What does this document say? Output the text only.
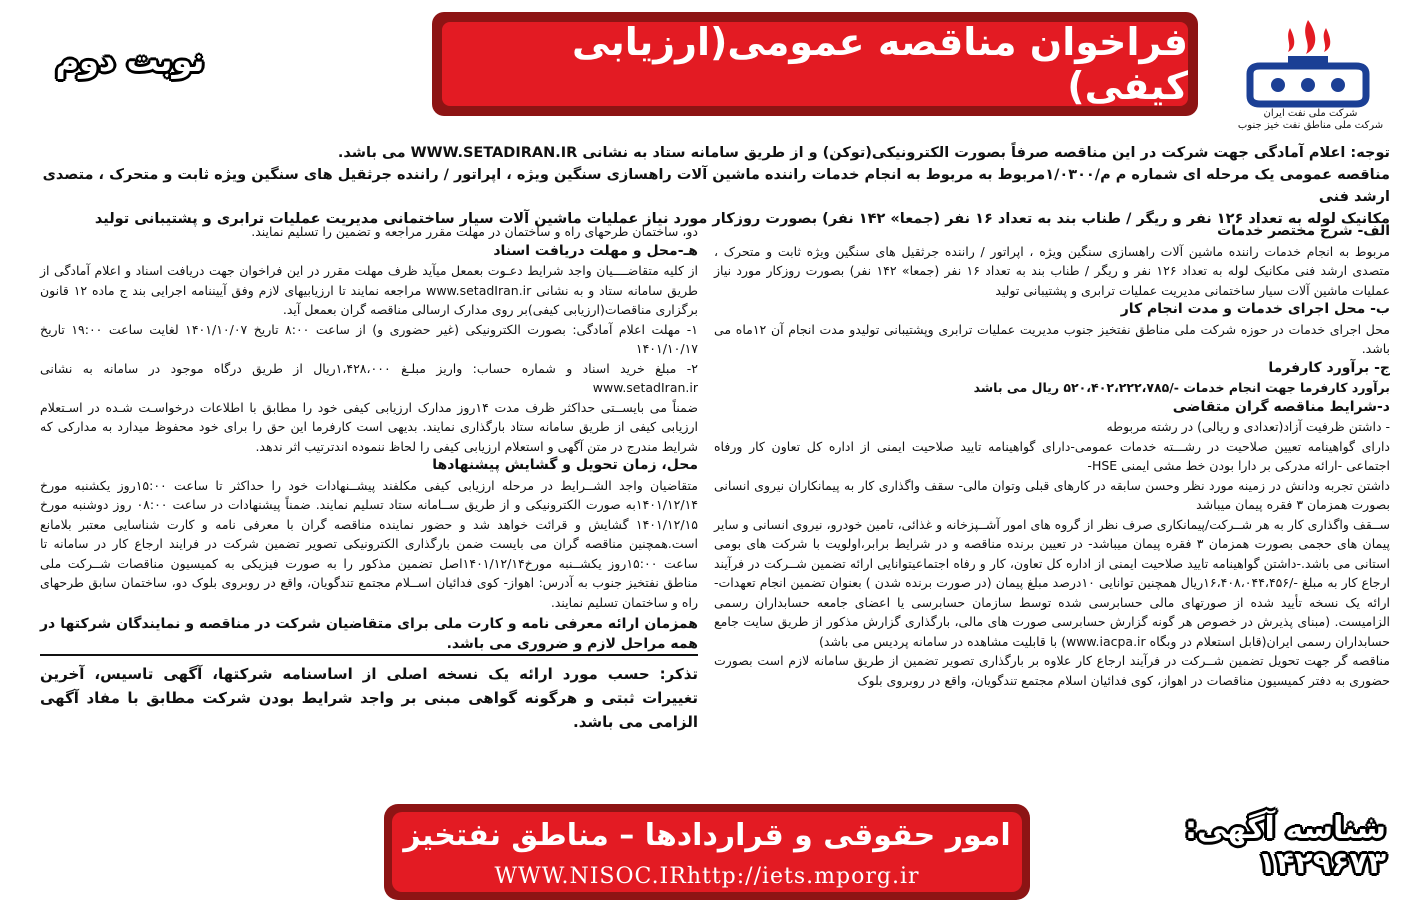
شرکت ملی نفت ایران
شرکت ملی مناطق نفت خیز جنوب
فراخوان مناقصه عمومی(ارزیابی کیفی)
نوبت دوم

توجه: اعلام آمادگی جهت شرکت در این مناقصه صرفاً بصورت الکترونیکی(توکن) و از طریق سامانه ستاد به نشانی WWW.SETADIRAN.IR می باشد.

مناقصه عمومی یک مرحله ای شماره م م/۱/۰۳۰۰مربوط به مربوط به انجام خدمات راننده ماشین آلات راهسازی سنگین ویژه ، اپراتور / راننده جرثقیل های سنگین ویژه ثابت و متحرک ، متصدی ارشد فنی

مکانیک لوله به تعداد ۱۲۶ نفر و ریگر / طناب بند به تعداد ۱۶ نفر (جمعا» ۱۴۲ نفر) بصورت روزکار مورد نیاز عملیات ماشین آلات سیار ساختمانی مدیریت عملیات ترابری و پشتیبانی تولید

الف- شرح مختصر خدمات

مربوط به انجام خدمات راننده ماشین آلات راهسازی سنگین ویژه ، اپراتور / راننده جرثقیل های سنگین ویژه ثابت و متحرک ، متصدی ارشد فنی مکانیک لوله به تعداد ۱۲۶ نفر و ریگر / طناب بند به تعداد ۱۶ نفر (جمعا» ۱۴۲ نفر) بصورت روزکار مورد نیاز عملیات ماشین آلات سیار ساختمانی مدیریت عملیات ترابری و پشتیبانی تولید

ب- محل اجرای خدمات و مدت انجام کار

محل اجرای خدمات در حوزه شرکت ملی مناطق نفتخیز جنوب مدیریت عملیات ترابری وپشتیبانی تولیدو مدت انجام آن ۱۲ماه می باشد.

ج- برآورد کارفرما

برآورد کارفرما جهت انجام خدمات -/۵۲۰،۴۰۲،۲۲۲،۷۸۵ ریال می باشد

د-شرایط مناقصه گران متقاضی

- داشتن ظرفیت آزاد(تعدادی و ریالی) در رشته مربوطه

دارای گواهینامه تعیین صلاحیت در رشـــته خدمات عمومی-دارای گواهینامه تایید صلاحیت ایمنی از اداره کل تعاون کار ورفاه اجتماعی -ارائه مدرکی بر دارا بودن خط مشی ایمنی HSE-

داشتن تجربه ودانش در زمینه مورد نظر وحسن سابقه در کارهای قبلی وتوان مالی- سقف واگذاری کار به پیمانکاران نیروی انسانی بصورت همزمان ۳ فقره پیمان میباشد

ســقف واگذاری کار به هر شــرکت/پیمانکاری صرف نظر از گروه های امور آشــپزخانه و غذائی، تامین خودرو، نیروی انسانی و سایر پیمان های حجمی بصورت همزمان ۳ فقره پیمان میباشد- در تعیین برنده مناقصه و در شرایط برابر،اولویت با شرکت های بومی استانی می باشد.-داشتن گواهینامه تایید صلاحیت ایمنی از اداره کل تعاون، کار و رفاه اجتماعیتوانایی ارائه تضمین شــرکت در فرآیند ارجاع کار به مبلغ -/۱۶،۴۰۸،۰۴۴،۴۵۶ریال همچنین توانایی ۱۰درصد مبلغ پیمان (در صورت برنده شدن ) بعنوان تضمین انجام تعهدات-ارائه یک نسخه تأیید شده از صورتهای مالی حسابرسی شده توسط سازمان حسابرسی یا اعضای جامعه حسابداران رسمی الزامیست. (مبنای پذیرش در خصوص هر گونه گزارش حسابرسی صورت های مالی، بارگذاری گزارش مذکور از طریق سایت جامع حسابداران رسمی ایران(قابل استعلام در وبگاه www.iacpa.ir) با قابلیت مشاهده در سامانه پردیس می باشد)

مناقصه گر جهت تحویل تضمین شــرکت در فرآیند ارجاع کار علاوه بر بارگذاری تصویر تضمین از طریق سامانه لازم است بصورت حضوری به دفتر کمیسیون مناقصات در اهواز، کوی فدائیان اسلام مجتمع تندگویان، واقع در روبروی بلوک

دو، ساختمان طرحهای راه و ساختمان در مهلت مقرر مراجعه و تضمین را تسلیم نمایند.

هـ-محل و مهلت دریافت اسناد

از کلیه متقاضــــیان واجد شرایط دعـوت بعمعل میآید ظرف مهلت مقرر در این فراخوان جهت دریافت اسناد و اعلام آمادگی از طریق سامانه ستاد و به نشانی www.setadIran.ir مراجعه نمایند تا ارزیابیهای لازم وفق آییننامه اجرایی بند ج ماده ۱۲ قانون برگزاری مناقصات(ارزیابی کیفی)بر روی مدارک ارسالی مناقصه گران بعمعل آید.

۱- مهلت اعلام آمادگی: بصورت الکترونیکی (غیر حضوری و) از ساعت ۸:۰۰ تاریخ ۱۴۰۱/۱۰/۰۷ لغایت ساعت ۱۹:۰۰ تاریخ ۱۴۰۱/۱۰/۱۷

۲- مبلغ خرید اسناد و شماره حساب: واریز مبلـغ ۱،۴۲۸،۰۰۰ریال از طریق درگاه موجود در سامانه به نشانی www.setadIran.ir

ضمناً می بایســتی حداکثر ظرف مدت ۱۴روز مدارک ارزیابی کیفی خود را مطابق با اطلاعات درخواسـت شـده در اسـتعلام ارزیابی کیفی از طریق سامانه ستاد بارگذاری نمایند. بدیهی است کارفرما این حق را برای خود محفوظ میدارد به مدارکی که شرایط مندرج در متن آگهی و استعلام ارزیابی کیفی را لحاظ ننموده اندترتیب اثر ندهد.

محل، زمان تحویل و گشایش پیشنهادها

متقاضیان واجد الشــرایط در مرحله ارزیابی کیفی مکلفند پیشــنهادات خود را حداکثر تا ساعت ۱۵:۰۰روز یکشنبه مورخ ۱۴۰۱/۱۲/۱۴به صورت الکترونیکی و از طریق ســامانه ستاد تسلیم نمایند. ضمناً پیشنهادات در ساعت ۰۸:۰۰ روز دوشنبه مورخ ۱۴۰۱/۱۲/۱۵ گشایش و قرائت خواهد شد و حضور نماینده مناقصه گران با معرفی نامه و کارت شناسایی معتبر بلامانع است.همچنین مناقصه گران می بایست ضمن بارگذاری الکترونیکی تصویر تضمین شرکت در فرایند ارجاع کار در سامانه تا ساعت ۱۵:۰۰روز یکشــنبه مورخ۱۴۰۱/۱۲/۱۴اصل تضمین مذکور را به صورت فیزیکی به کمیسیون مناقصات شــرکت ملی مناطق نفتخیز جنوب به آدرس: اهواز- کوی فدائیان اســلام مجتمع تندگویان، واقع در روبروی بلوک دو، ساختمان سابق طرحهای راه و ساختمان تسلیم نمایند.

همزمان ارائه معرفی نامه و کارت ملی برای متقاضیان شرکت در مناقصه و نمایندگان شرکتها در همه مراحل لازم و ضروری می باشد.

تذکر: حسب مورد ارائه یک نسخه اصلی از اساسنامه شرکتها، آگهی تاسیس، آخرین تغییرات ثبتی و هرگونه گواهی مبنی بر واجد شرایط بودن شرکت مطابق با مفاد آگهی الزامی می باشد.

امور حقوقی و قراردادها – مناطق نفتخیز
WWW.NISOC.IRhttp://iets.mporg.ir
شناسه آگهی: ۱۴۲۹۶۷۳
